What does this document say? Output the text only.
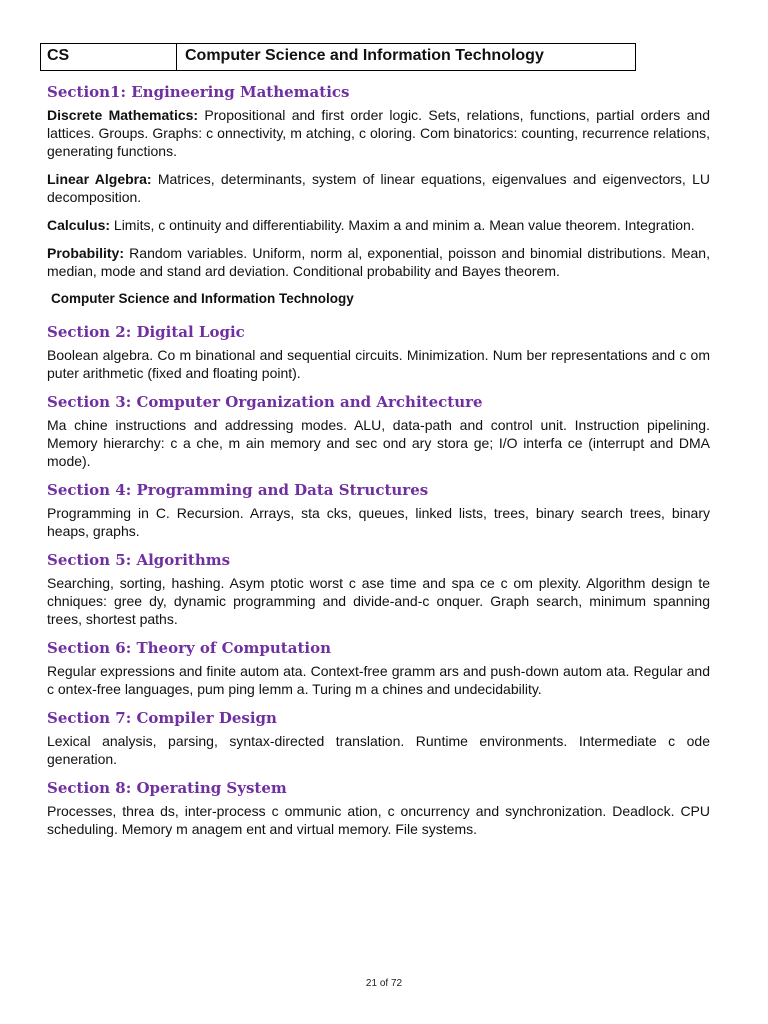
CS	Computer Science and Information Technology
Section1: Engineering Mathematics

Discrete Mathematics: Propositional and first order logic. Sets, relations, functions, partial orders and lattices. Groups. Graphs: c onnectivity, m atching, c oloring. Com binatorics: counting, recurrence relations, generating functions.

Linear Algebra: Matrices, determinants, system of linear equations, eigenvalues and eigenvectors, LU decomposition.

Calculus: Limits, c ontinuity and differentiability. Maxim a and minim a. Mean value theorem. Integration.

Probability: Random variables. Uniform, norm al, exponential, poisson and binomial distributions. Mean, median, mode and stand ard deviation. Conditional probability and Bayes theorem.

Computer Science and Information Technology
Section 2: Digital Logic

Boolean algebra. Co m binational and sequential circuits. Minimization. Num ber representations and c om puter arithmetic (fixed and floating point).

Section 3: Computer Organization and Architecture

Ma chine instructions and addressing modes. ALU, data-path and control unit. Instruction pipelining. Memory hierarchy: c a che, m ain memory and sec ond ary stora ge; I/O interfa ce (interrupt and DMA mode).

Section 4: Programming and Data Structures

Programming in C. Recursion. Arrays, sta cks, queues, linked lists, trees, binary search trees, binary heaps, graphs.

Section 5: Algorithms

Searching, sorting, hashing. Asym ptotic worst c ase time and spa ce c om plexity. Algorithm design te chniques: gree dy, dynamic programming and divide-and-c onquer. Graph search, minimum spanning trees, shortest paths.

Section 6: Theory of Computation

Regular expressions and finite autom ata. Context-free gramm ars and push-down autom ata. Regular and c ontex-free languages, pum ping lemm a. Turing m a chines and undecidability.

Section 7: Compiler Design

Lexical analysis, parsing, syntax-directed translation. Runtime environments. Intermediate c ode generation.

Section 8: Operating System

Processes, threa ds, inter-process c ommunic ation, c oncurrency and synchronization. Deadlock. CPU scheduling. Memory m anagem ent and virtual memory. File systems.

21 of 72
